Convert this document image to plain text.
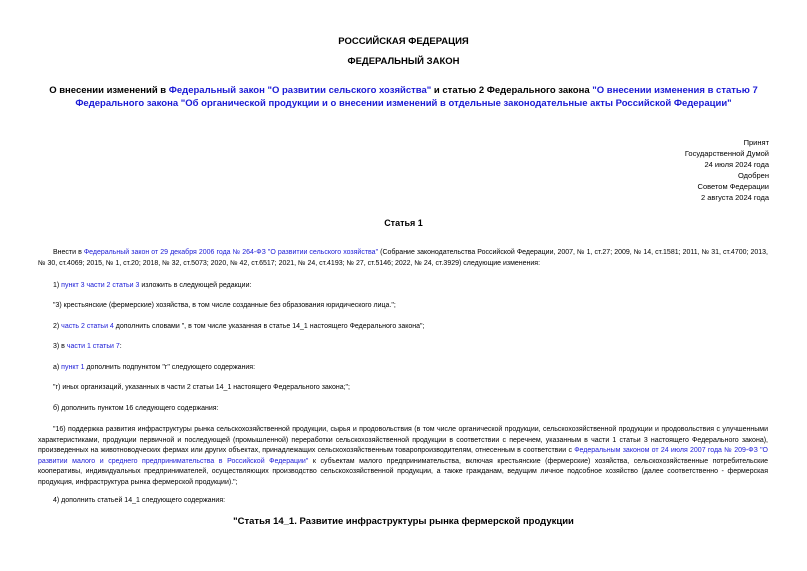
РОССИЙСКАЯ ФЕДЕРАЦИЯ
ФЕДЕРАЛЬНЫЙ ЗАКОН
О внесении изменений в Федеральный закон "О развитии сельского хозяйства" и статью 2 Федерального закона "О внесении изменения в статью 7 Федерального закона "Об органической продукции и о внесении изменений в отдельные законодательные акты Российской Федерации"
Принят
Государственной Думой
24 июля 2024 года
Одобрен
Советом Федерации
2 августа 2024 года
Статья 1
Внести в Федеральный закон от 29 декабря 2006 года № 264-ФЗ "О развитии сельского хозяйства" (Собрание законодательства Российской Федерации, 2007, № 1, ст.27; 2009, № 14, ст.1581; 2011, № 31, ст.4700; 2013, № 30, ст.4069; 2015, № 1, ст.20; 2018, № 32, ст.5073; 2020, № 42, ст.6517; 2021, № 24, ст.4193; № 27, ст.5146; 2022, № 24, ст.3929) следующие изменения:
1) пункт 3 части 2 статьи 3 изложить в следующей редакции:
"3) крестьянские (фермерские) хозяйства, в том числе созданные без образования юридического лица.";
2) часть 2 статьи 4 дополнить словами ", в том числе указанная в статье 14_1 настоящего Федерального закона";
3) в части 1 статьи 7:
а) пункт 1 дополнить подпунктом "г" следующего содержания:
"г) иных организаций, указанных в части 2 статьи 14_1 настоящего Федерального закона;";
б) дополнить пунктом 16 следующего содержания:
"16) поддержка развития инфраструктуры рынка сельскохозяйственной продукции, сырья и продовольствия (в том числе органической продукции, сельскохозяйственной продукции и продовольствия с улучшенными характеристиками, продукции первичной и последующей (промышленной) переработки сельскохозяйственной продукции в соответствии с перечнем, указанным в части 1 статьи 3 настоящего Федерального закона), произведенных на животноводческих фермах или других объектах, принадлежащих сельскохозяйственным товаропроизводителям, отнесенным в соответствии с Федеральным законом от 24 июля 2007 года № 209-ФЗ "О развитии малого и среднего предпринимательства в Российской Федерации" к субъектам малого предпринимательства, включая крестьянские (фермерские) хозяйства, сельскохозяйственные потребительские кооперативы, индивидуальных предпринимателей, осуществляющих производство сельскохозяйственной продукции, а также гражданам, ведущим личное подсобное хозяйство (далее соответственно - фермерская продукция, инфраструктура рынка фермерской продукции).";
4) дополнить статьей 14_1 следующего содержания:
"Статья 14_1. Развитие инфраструктуры рынка фермерской продукции
